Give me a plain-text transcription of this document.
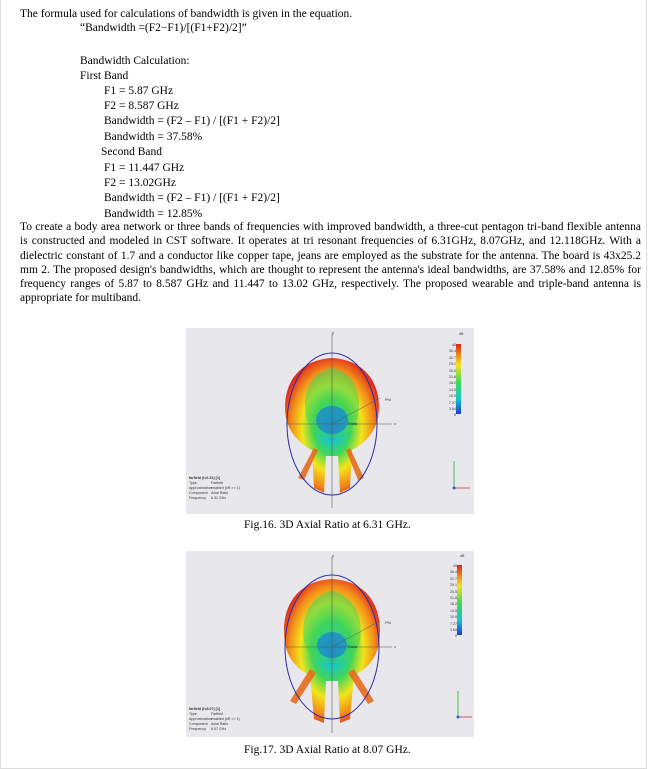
The formula used for calculations of bandwidth is given in the equation.
“Bandwidth =(F2−F1)/[(F1+F2)/2]”
Bandwidth Calculation:
First Band
F1 = 5.87 GHz
F2 = 8.587 GHz
Bandwidth = (F2 – F1) / [(F1 + F2)/2]
Bandwidth = 37.58%
Second Band
F1 = 11.447 GHz
F2 = 13.02GHz
Bandwidth = (F2 – F1) / [(F1 + F2)/2]
Bandwidth = 12.85%
To create a body area network or three bands of frequencies with improved bandwidth, a three-cut pentagon tri-band flexible antenna is constructed and modeled in CST software. It operates at tri resonant frequencies of 6.31GHz, 8.07GHz, and 12.118GHz. With a dielectric constant of 1.7 and a conductor like copper tape, jeans are employed as the substrate for the antenna. The board is 43x25.2 mm 2. The proposed design's bandwidths, which are thought to represent the antenna's ideal bandwidths, are 37.58% and 12.85% for frequency ranges of 5.87 to 8.587 GHz and 11.447 to 13.02 GHz, respectively. The proposed wearable and triple-band antenna is appropriate for multiband.
y
x
Theta
Phi
dB
40
36.4
32.7
29.1
25.5
21.8
18.2
14.5
10.9
7.27
3.64
0
farfield (f=6.31) [1]
Type	Farfield
Approximationenabled (kR >> 1)
Component Axial Ratio
Frequency 6.31 GHz
Fig.16. 3D Axial Ratio at 6.31 GHz.
y
x
Theta
Phi
dB
40
36.4
32.7
29.1
25.5
21.8
18.2
14.5
10.9
7.27
3.64
0
farfield (f=8.07) [1]
Type	Farfield
Approximationenabled (kR >> 1)
Component Axial Ratio
Frequency 8.07 GHz
Fig.17. 3D Axial Ratio at 8.07 GHz.
